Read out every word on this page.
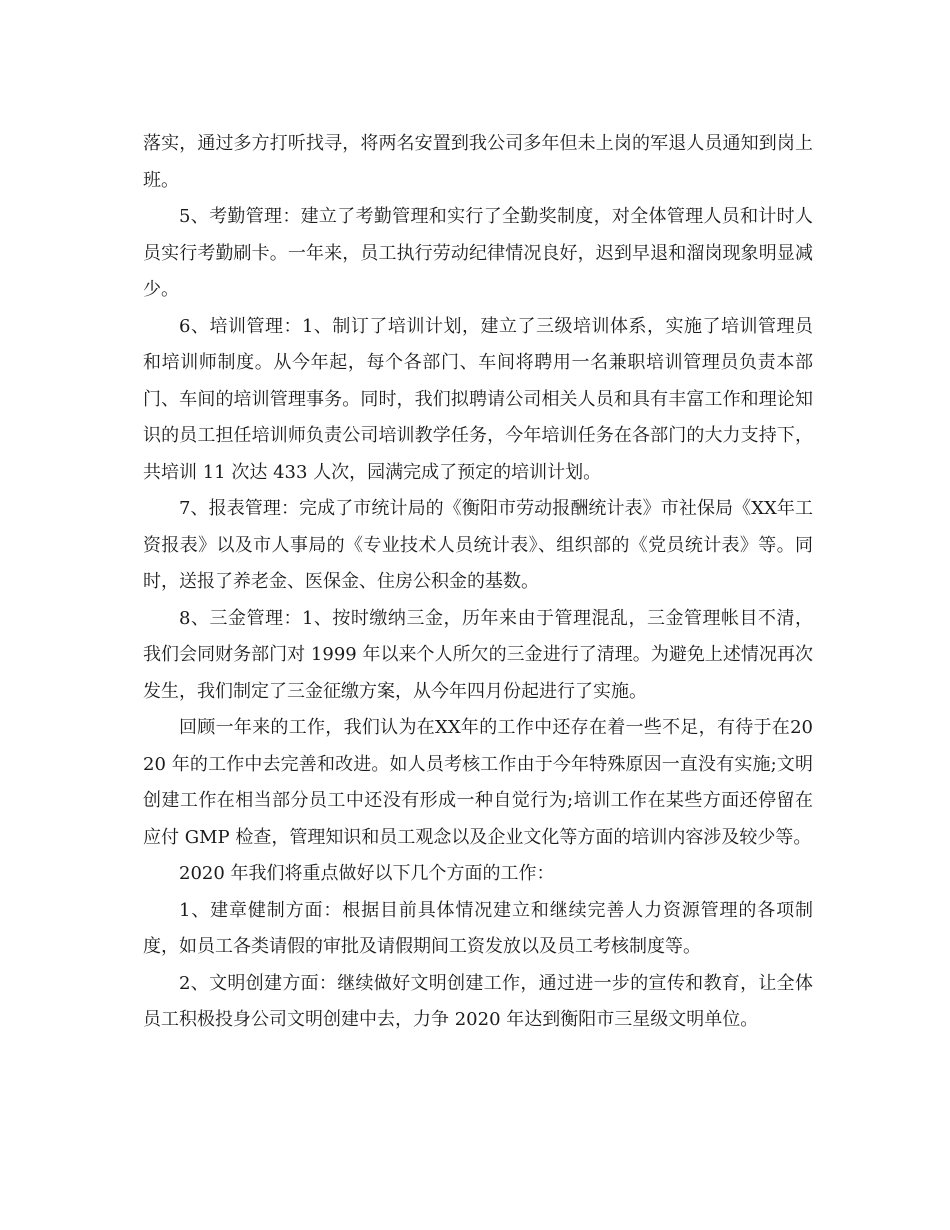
落实，通过多方打听找寻，将两名安置到我公司多年但未上岗的军退人员通知到岗上班。

5、考勤管理：建立了考勤管理和实行了全勤奖制度，对全体管理人员和计时人员实行考勤刷卡。一年来，员工执行劳动纪律情况良好，迟到早退和溜岗现象明显减少。

6、培训管理：1、制订了培训计划，建立了三级培训体系，实施了培训管理员和培训师制度。从今年起，每个各部门、车间将聘用一名兼职培训管理员负责本部门、车间的培训管理事务。同时，我们拟聘请公司相关人员和具有丰富工作和理论知识的员工担任培训师负责公司培训教学任务，今年培训任务在各部门的大力支持下，共培训 11 次达 433 人次，园满完成了预定的培训计划。

7、报表管理：完成了市统计局的《衡阳市劳动报酬统计表》市社保局《XX年工资报表》以及市人事局的《专业技术人员统计表》、组织部的《党员统计表》等。同时，送报了养老金、医保金、住房公积金的基数。

8、三金管理：1、按时缴纳三金，历年来由于管理混乱，三金管理帐目不清，我们会同财务部门对 1999 年以来个人所欠的三金进行了清理。为避免上述情况再次发生，我们制定了三金征缴方案，从今年四月份起进行了实施。

回顾一年来的工作，我们认为在XX年的工作中还存在着一些不足，有待于在2020 年的工作中去完善和改进。如人员考核工作由于今年特殊原因一直没有实施;文明创建工作在相当部分员工中还没有形成一种自觉行为;培训工作在某些方面还停留在应付 GMP 检查，管理知识和员工观念以及企业文化等方面的培训内容涉及较少等。

2020 年我们将重点做好以下几个方面的工作：

1、建章健制方面：根据目前具体情况建立和继续完善人力资源管理的各项制度，如员工各类请假的审批及请假期间工资发放以及员工考核制度等。

2、文明创建方面：继续做好文明创建工作，通过进一步的宣传和教育，让全体员工积极投身公司文明创建中去，力争 2020 年达到衡阳市三星级文明单位。
